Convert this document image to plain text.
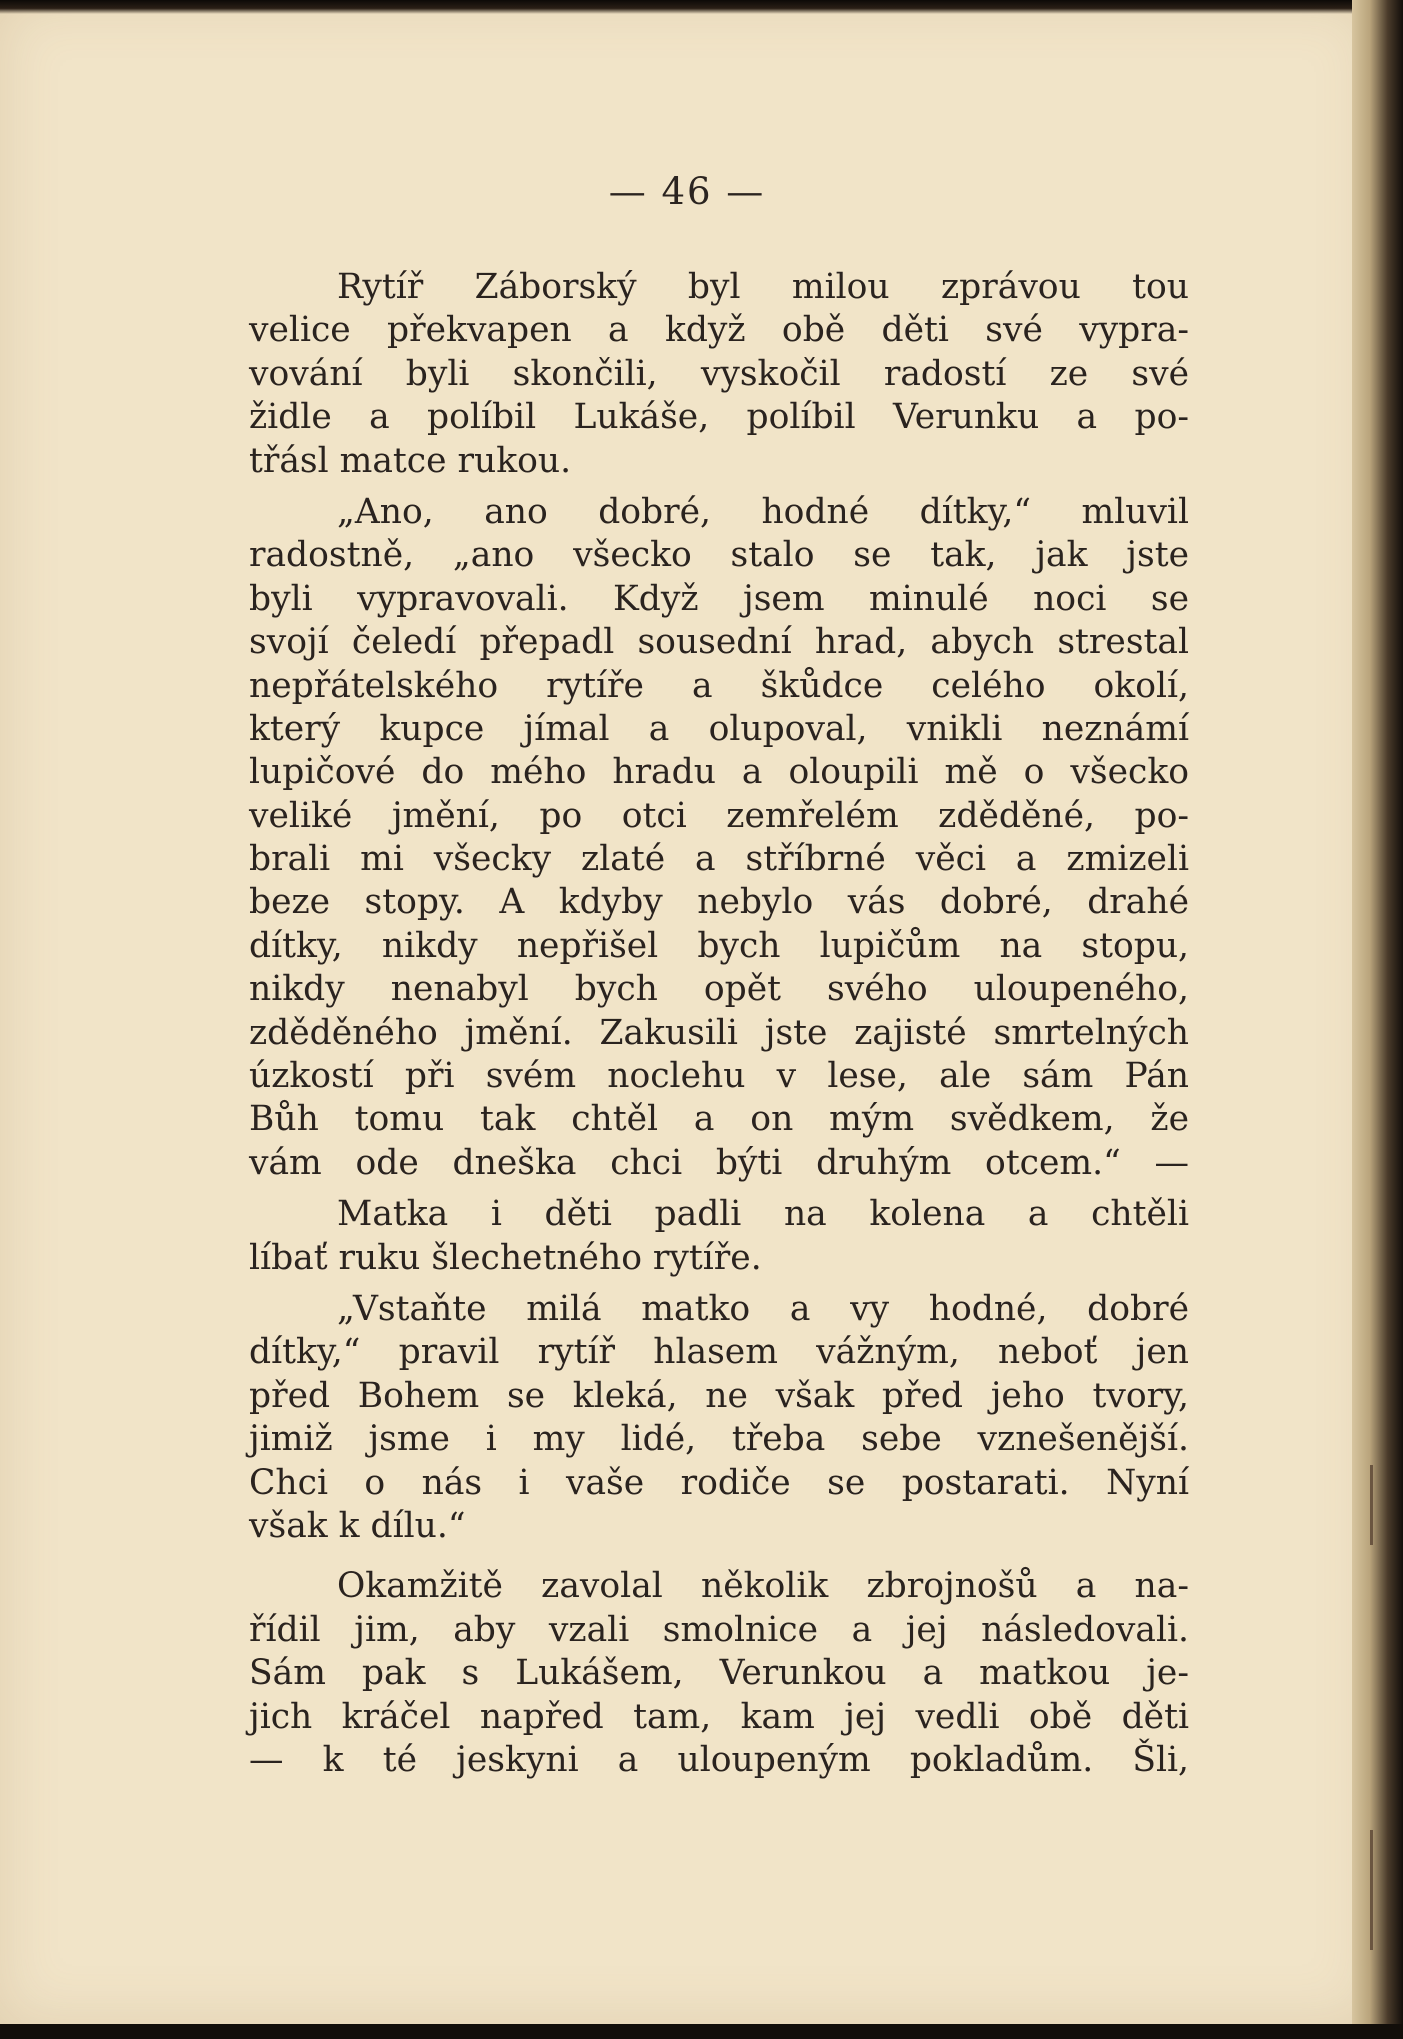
— 46 —
Rytíř Záborský byl milou zprávou tou
velice překvapen a když obě děti své vypra-
vování byli skončili, vyskočil radostí ze své
židle a políbil Lukáše, políbil Verunku a po-
třásl matce rukou.
„Ano, ano dobré, hodné dítky,“ mluvil
radostně, „ano všecko stalo se tak, jak jste
byli vypravovali. Když jsem minulé noci se
svojí čeledí přepadl sousední hrad, abych strestal
nepřátelského rytíře a škůdce celého okolí,
který kupce jímal a olupoval, vnikli neznámí
lupičové do mého hradu a oloupili mě o všecko
veliké jmění, po otci zemřelém zděděné, po-
brali mi všecky zlaté a stříbrné věci a zmizeli
beze stopy. A kdyby nebylo vás dobré, drahé
dítky, nikdy nepřišel bych lupičům na stopu,
nikdy nenabyl bych opět svého uloupeného,
zděděného jmění. Zakusili jste zajisté smrtelných
úzkostí při svém noclehu v lese, ale sám Pán
Bůh tomu tak chtěl a on mým svědkem, že
vám ode dneška chci býti druhým otcem.“ —
Matka i děti padli na kolena a chtěli
líbať ruku šlechetného rytíře.
„Vstaňte milá matko a vy hodné, dobré
dítky,“ pravil rytíř hlasem vážným, neboť jen
před Bohem se kleká, ne však před jeho tvory,
jimiž jsme i my lidé, třeba sebe vznešenější.
Chci o nás i vaše rodiče se postarati. Nyní
však k dílu.“
Okamžitě zavolal několik zbrojnošů a na-
řídil jim, aby vzali smolnice a jej následovali.
Sám pak s Lukášem, Verunkou a matkou je-
jich kráčel napřed tam, kam jej vedli obě děti
— k té jeskyni a uloupeným pokladům. Šli,
